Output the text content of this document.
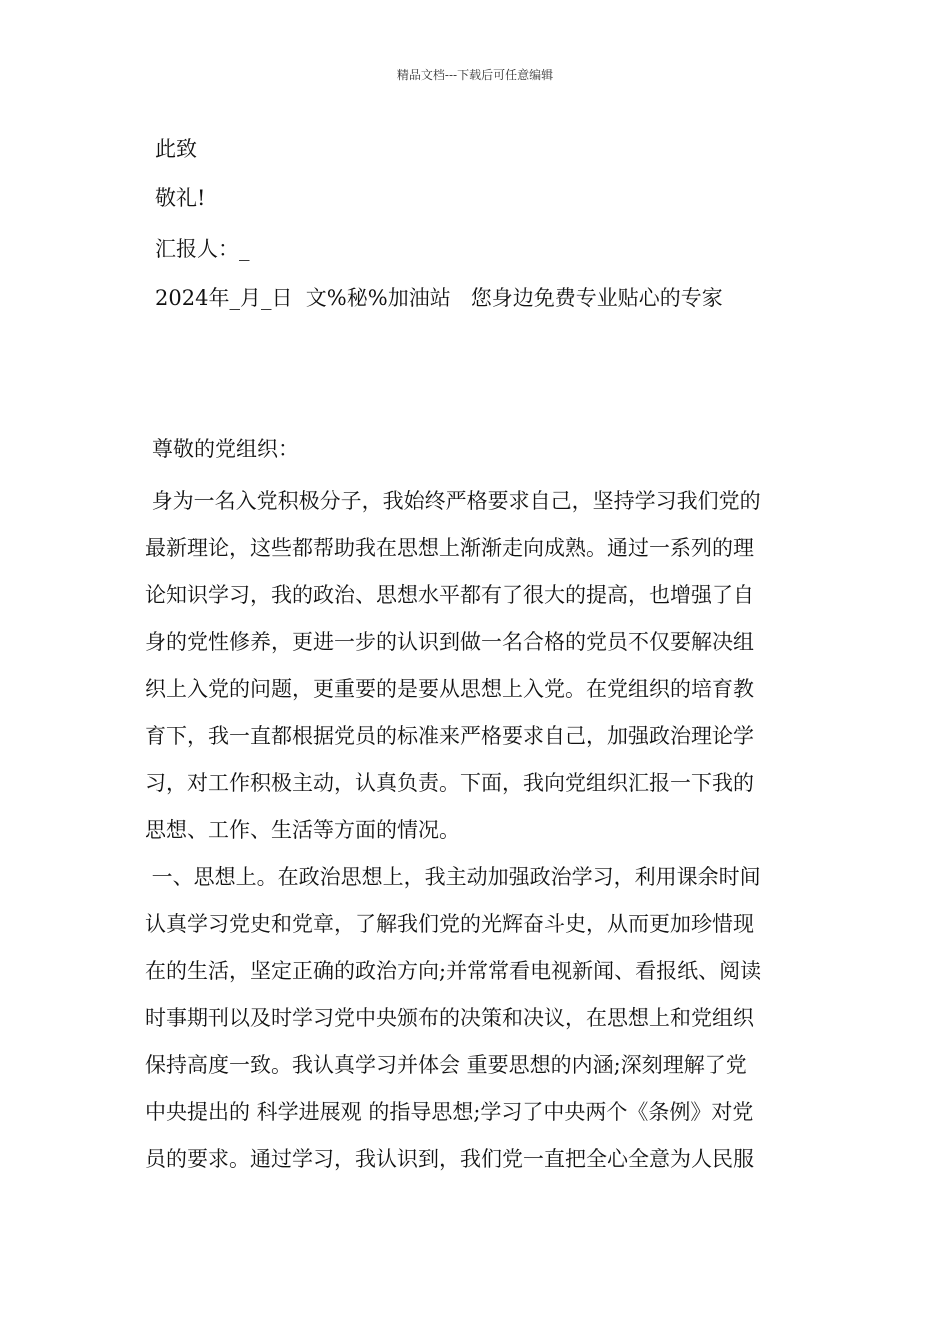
精品文档---下载后可任意编辑
此致
敬礼!
汇报人：_
2024年_月_日  文%秘%加油站   您身边免费专业贴心的专家
尊敬的党组织：
身为一名入党积极分子，我始终严格要求自己，坚持学习我们党的
最新理论，这些都帮助我在思想上渐渐走向成熟。通过一系列的理
论知识学习，我的政治、思想水平都有了很大的提高，也增强了自
身的党性修养，更进一步的认识到做一名合格的党员不仅要解决组
织上入党的问题，更重要的是要从思想上入党。在党组织的培育教
育下，我一直都根据党员的标准来严格要求自己，加强政治理论学
习，对工作积极主动，认真负责。下面，我向党组织汇报一下我的
思想、工作、生活等方面的情况。
一、思想上。在政治思想上，我主动加强政治学习，利用课余时间
认真学习党史和党章，了解我们党的光辉奋斗史，从而更加珍惜现
在的生活，坚定正确的政治方向;并常常看电视新闻、看报纸、阅读
时事期刊以及时学习党中央颁布的决策和决议，在思想上和党组织
保持高度一致。我认真学习并体会 重要思想的内涵;深刻理解了党
中央提出的 科学进展观 的指导思想;学习了中央两个《条例》对党
员的要求。通过学习，我认识到，我们党一直把全心全意为人民服
